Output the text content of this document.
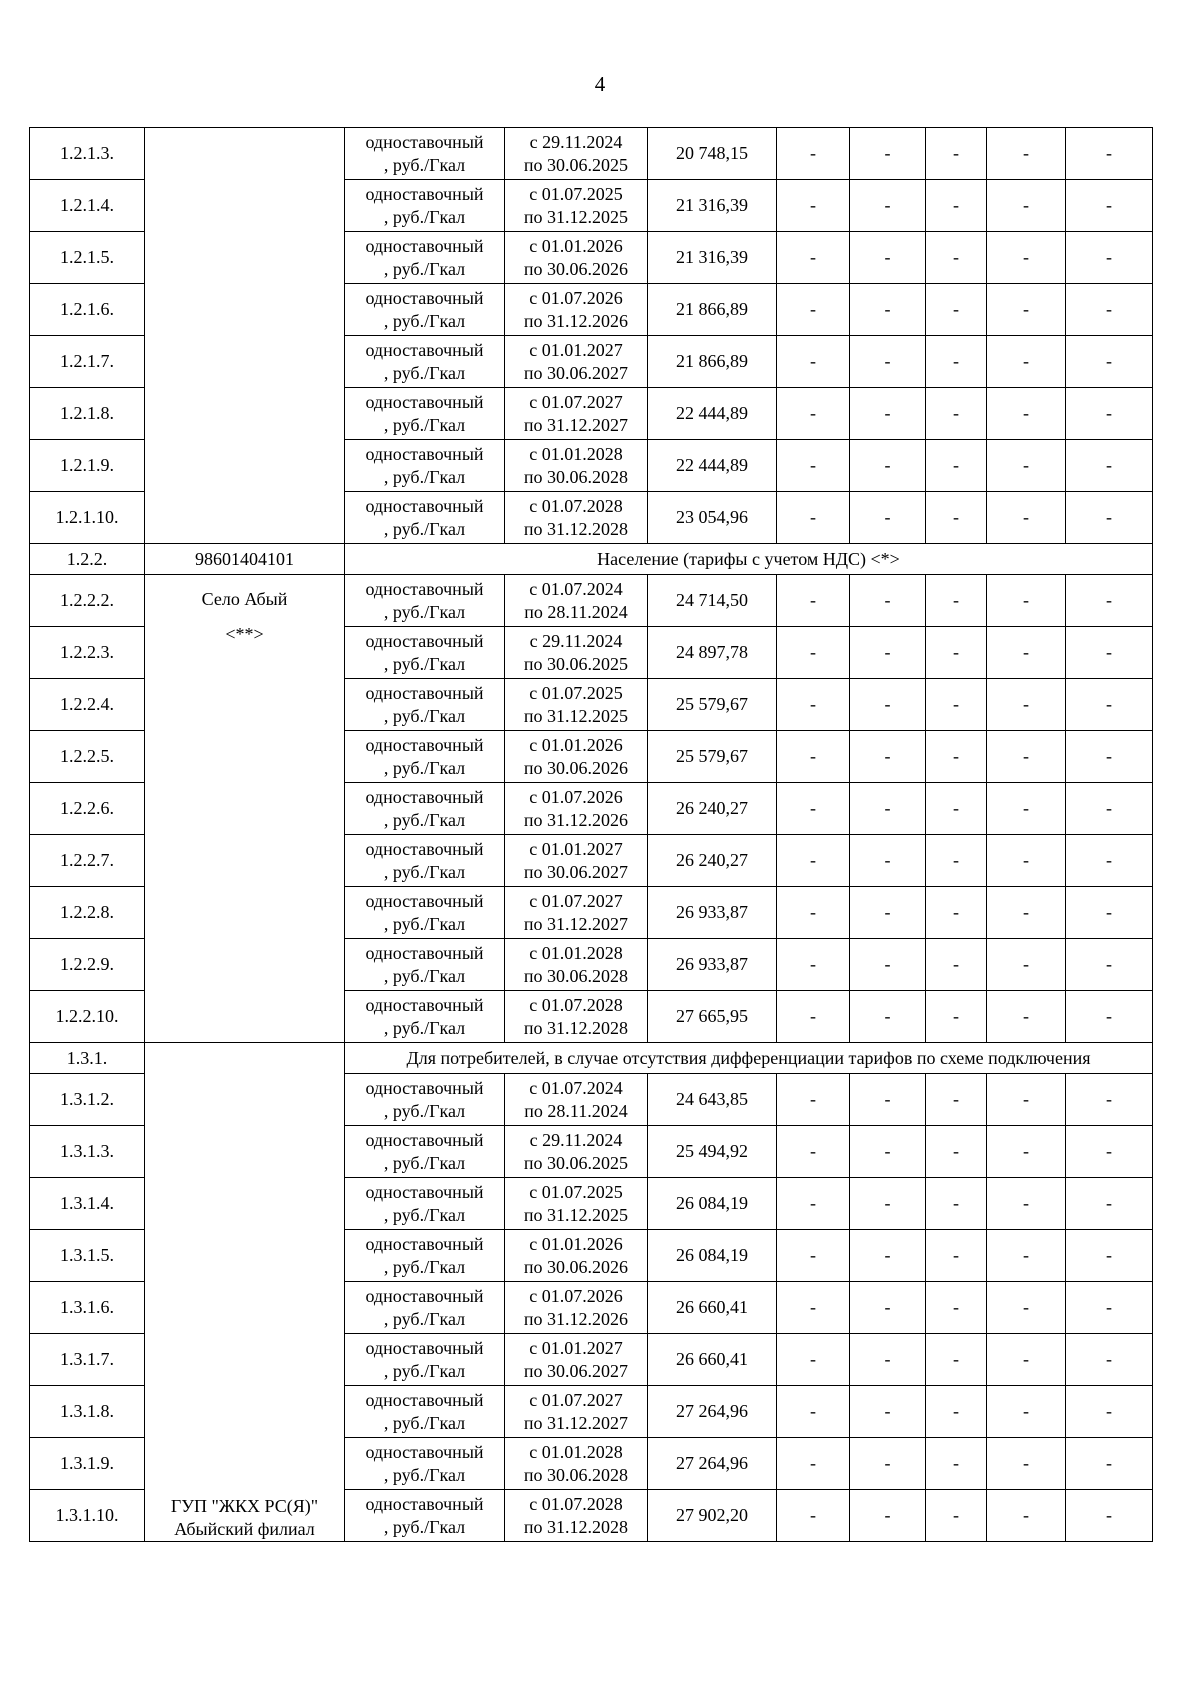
4
1.2.1.3.		одноставочный
, руб./Гкал	с 29.11.2024
по 30.06.2025	20 748,15	-	-	-	-	-
1.2.1.4.		одноставочный
, руб./Гкал	с 01.07.2025
по 31.12.2025	21 316,39	-	-	-	-	-
1.2.1.5.		одноставочный
, руб./Гкал	с 01.01.2026
по 30.06.2026	21 316,39	-	-	-	-	-
1.2.1.6.		одноставочный
, руб./Гкал	с 01.07.2026
по 31.12.2026	21 866,89	-	-	-	-	-
1.2.1.7.		одноставочный
, руб./Гкал	с 01.01.2027
по 30.06.2027	21 866,89	-	-	-	-	-
1.2.1.8.		одноставочный
, руб./Гкал	с 01.07.2027
по 31.12.2027	22 444,89	-	-	-	-	-
1.2.1.9.		одноставочный
, руб./Гкал	с 01.01.2028
по 30.06.2028	22 444,89	-	-	-	-	-
1.2.1.10.		одноставочный
, руб./Гкал	с 01.07.2028
по 31.12.2028	23 054,96	-	-	-	-	-
1.2.2.	98601404101	Население (тарифы с учетом НДС) <*>							
1.2.2.2.	Село Абый
<**>	одноставочный
, руб./Гкал	с 01.07.2024
по 28.11.2024	24 714,50	-	-	-	-	-
1.2.2.3.		одноставочный
, руб./Гкал	с 29.11.2024
по 30.06.2025	24 897,78	-	-	-	-	-
1.2.2.4.		одноставочный
, руб./Гкал	с 01.07.2025
по 31.12.2025	25 579,67	-	-	-	-	-
1.2.2.5.		одноставочный
, руб./Гкал	с 01.01.2026
по 30.06.2026	25 579,67	-	-	-	-	-
1.2.2.6.		одноставочный
, руб./Гкал	с 01.07.2026
по 31.12.2026	26 240,27	-	-	-	-	-
1.2.2.7.		одноставочный
, руб./Гкал	с 01.01.2027
по 30.06.2027	26 240,27	-	-	-	-	-
1.2.2.8.		одноставочный
, руб./Гкал	с 01.07.2027
по 31.12.2027	26 933,87	-	-	-	-	-
1.2.2.9.		одноставочный
, руб./Гкал	с 01.01.2028
по 30.06.2028	26 933,87	-	-	-	-	-
1.2.2.10.		одноставочный
, руб./Гкал	с 01.07.2028
по 31.12.2028	27 665,95	-	-	-	-	-
1.3.1.	ГУП "ЖКХ РС(Я)"
Абыйский филиал	Для потребителей, в случае отсутствия дифференциации тарифов по схеме подключения							
1.3.1.2.		одноставочный
, руб./Гкал	с 01.07.2024
по 28.11.2024	24 643,85	-	-	-	-	-
1.3.1.3.		одноставочный
, руб./Гкал	с 29.11.2024
по 30.06.2025	25 494,92	-	-	-	-	-
1.3.1.4.		одноставочный
, руб./Гкал	с 01.07.2025
по 31.12.2025	26 084,19	-	-	-	-	-
1.3.1.5.		одноставочный
, руб./Гкал	с 01.01.2026
по 30.06.2026	26 084,19	-	-	-	-	-
1.3.1.6.		одноставочный
, руб./Гкал	с 01.07.2026
по 31.12.2026	26 660,41	-	-	-	-	-
1.3.1.7.		одноставочный
, руб./Гкал	с 01.01.2027
по 30.06.2027	26 660,41	-	-	-	-	-
1.3.1.8.		одноставочный
, руб./Гкал	с 01.07.2027
по 31.12.2027	27 264,96	-	-	-	-	-
1.3.1.9.		одноставочный
, руб./Гкал	с 01.01.2028
по 30.06.2028	27 264,96	-	-	-	-	-
1.3.1.10.		одноставочный
, руб./Гкал	с 01.07.2028
по 31.12.2028	27 902,20	-	-	-	-	-
